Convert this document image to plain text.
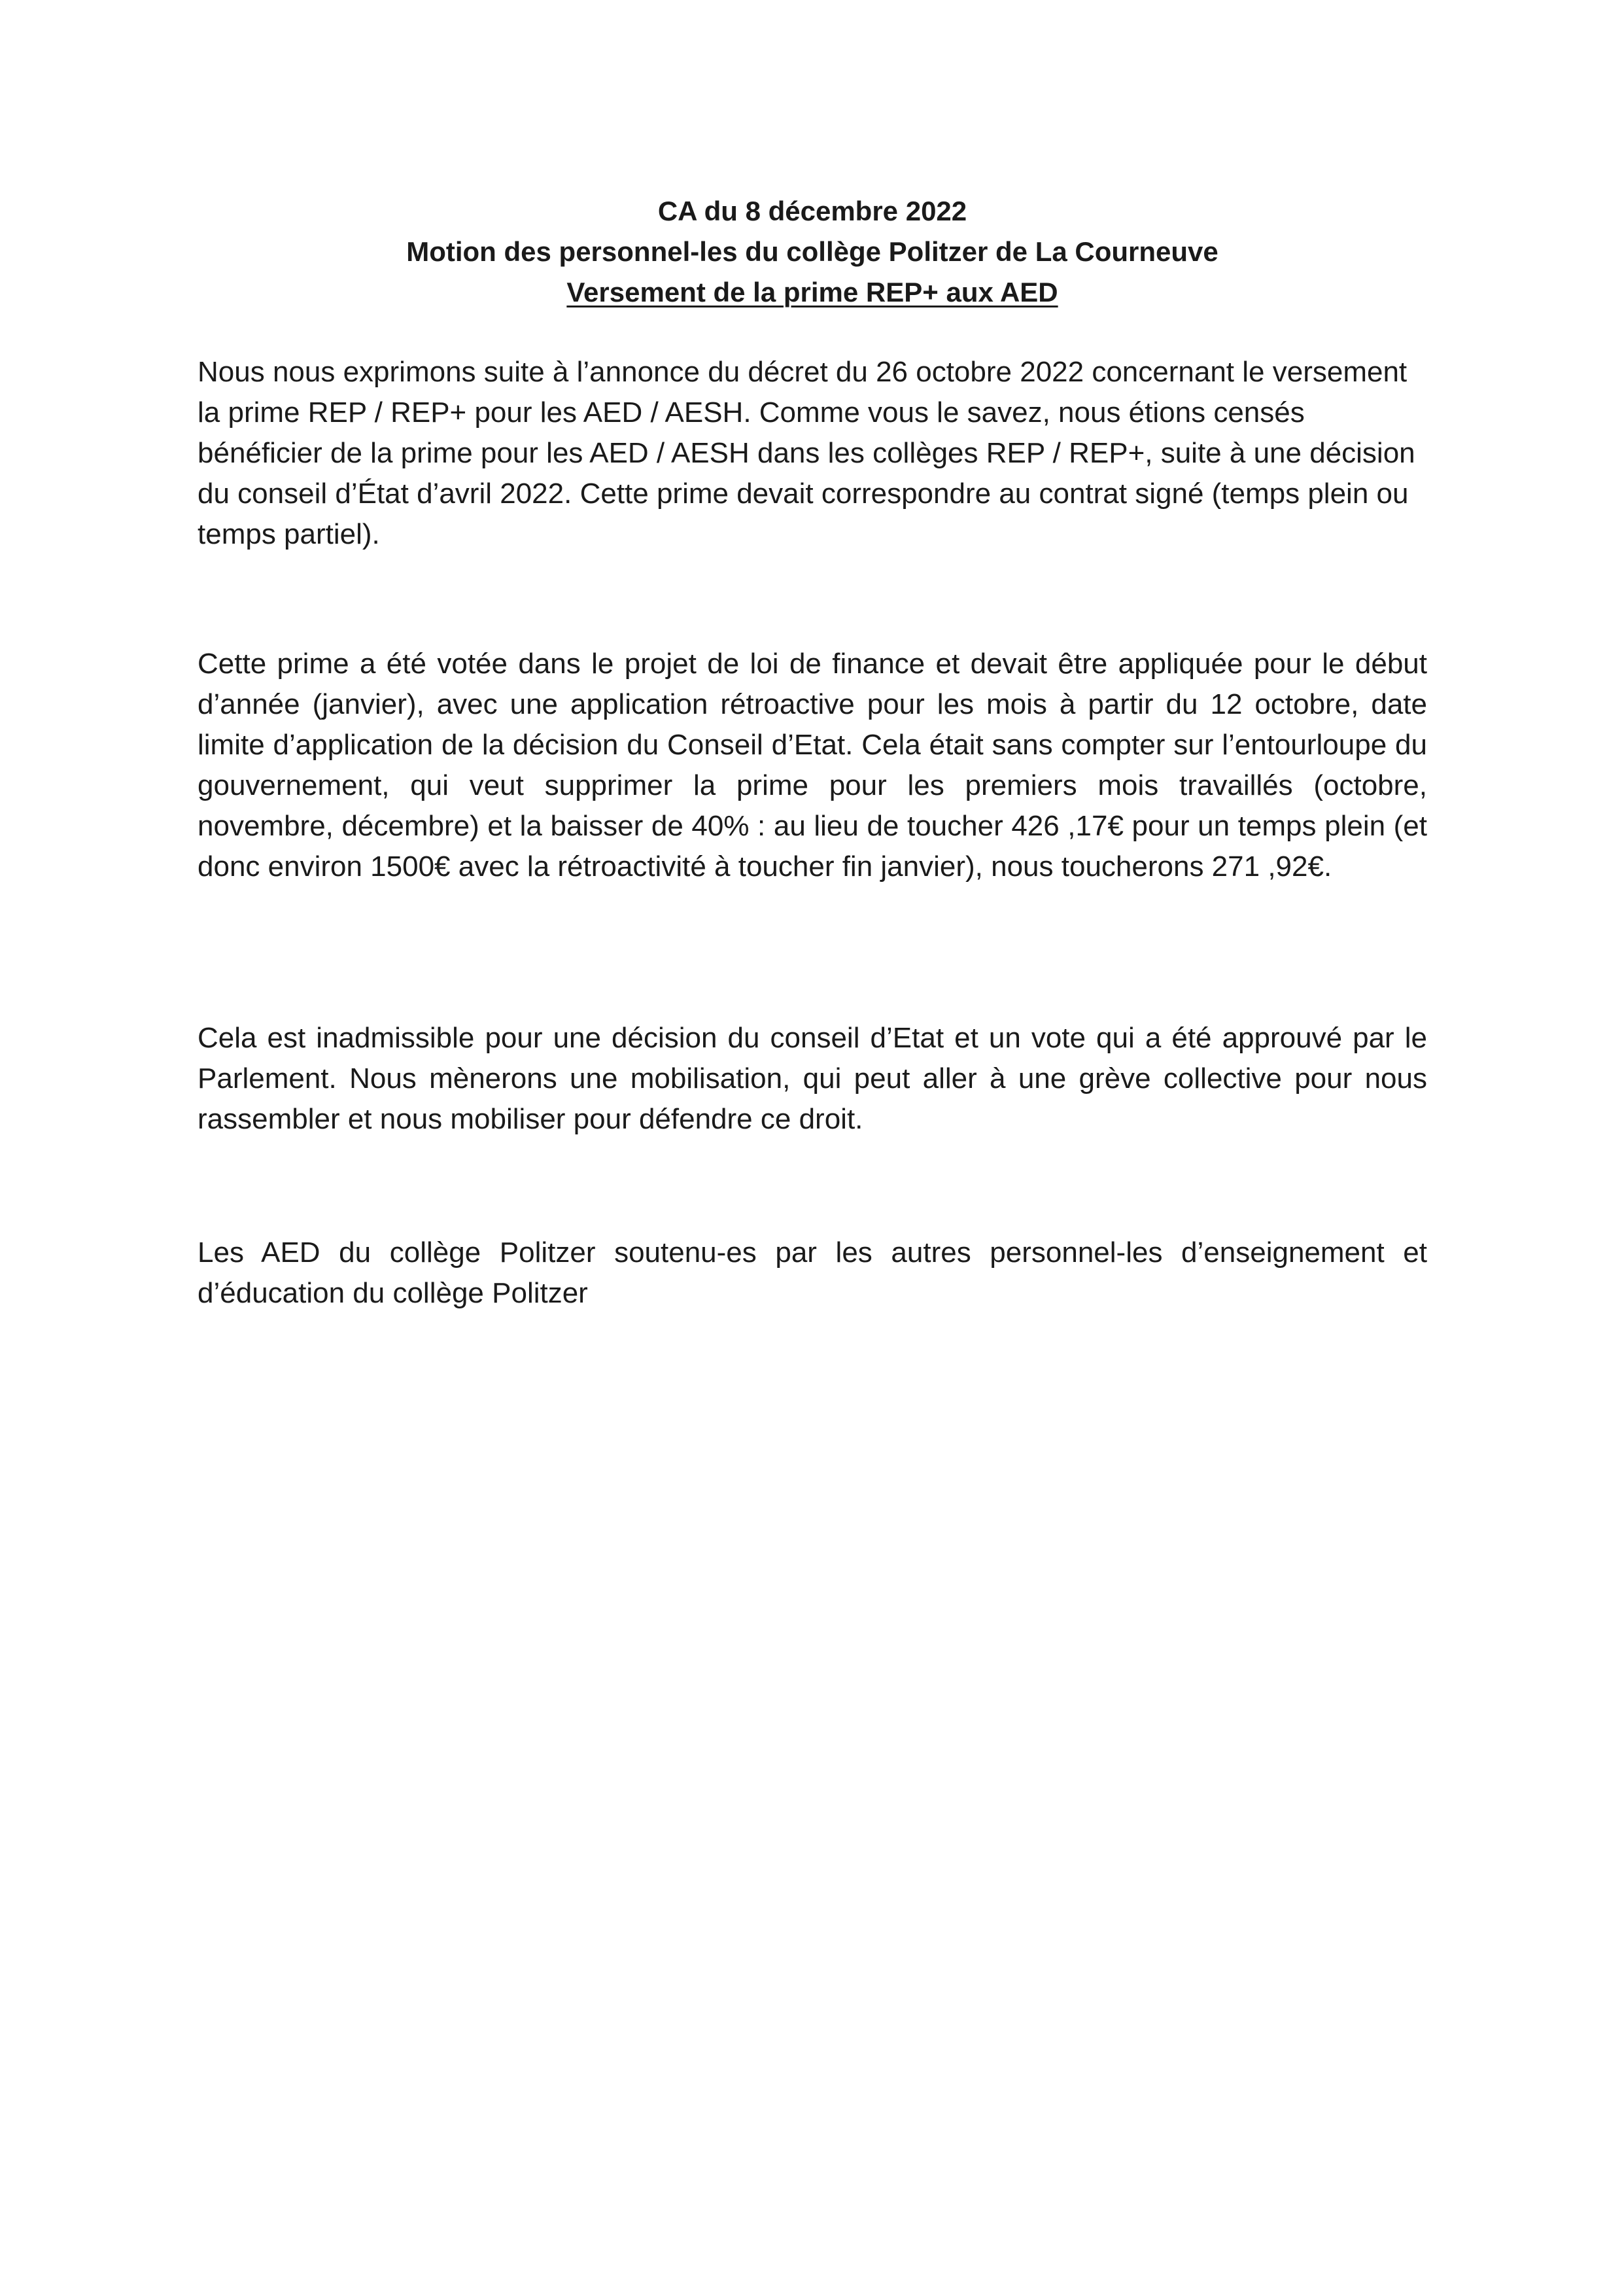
CA du 8 décembre 2022
Motion des personnel-les du collège Politzer de La Courneuve
Versement de la prime REP+ aux AED

Nous nous exprimons suite à l’annonce du décret du 26 octobre 2022 concernant le versement la prime REP / REP+ pour les AED / AESH. Comme vous le savez, nous étions censés bénéficier de la prime pour les AED / AESH dans les collèges REP / REP+, suite à une décision du conseil d’État d’avril 2022. Cette prime devait correspondre au contrat signé (temps plein ou temps partiel).

Cette prime a été votée dans le projet de loi de finance et devait être appliquée pour le début d’année (janvier), avec une application rétroactive pour les mois à partir du 12 octobre, date limite d’application de la décision du Conseil d’Etat. Cela était sans compter sur l’entourloupe du gouvernement, qui veut supprimer la prime pour les premiers mois travaillés (octobre, novembre, décembre) et la baisser de 40% : au lieu de toucher 426 ,17€ pour un temps plein (et donc environ 1500€ avec la rétroactivité à toucher fin janvier), nous toucherons 271 ,92€.

Cela est inadmissible pour une décision du conseil d’Etat et un vote qui a été approuvé par le Parlement. Nous mènerons une mobilisation, qui peut aller à une grève collective pour nous rassembler et nous mobiliser pour défendre ce droit.

Les AED du collège Politzer soutenu-es par les autres personnel-les d’enseignement et d’éducation du collège Politzer
